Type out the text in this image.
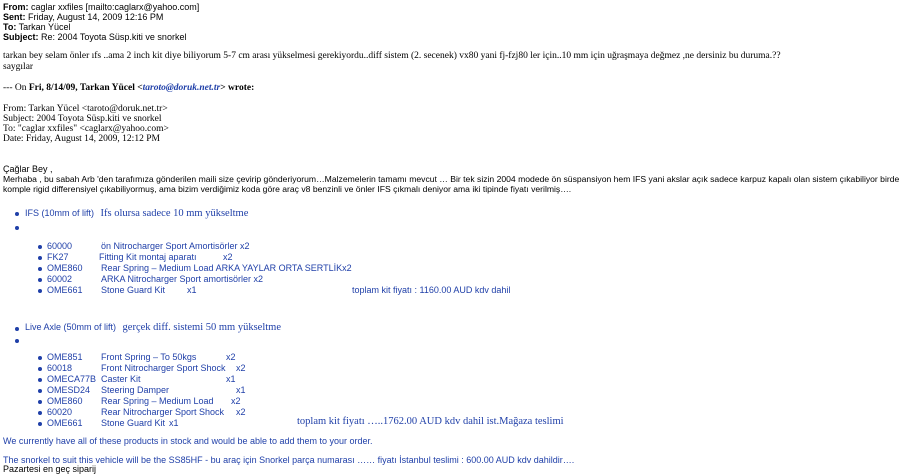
From: caglar xxfiles [mailto:caglarx@yahoo.com]
Sent: Friday, August 14, 2009 12:16 PM
To: Tarkan Yücel
Subject: Re: 2004 Toyota Süsp.kiti ve snorkel
tarkan bey selam önler ıfs ..ama 2 inch kit diye biliyorum 5-7 cm arası yükselmesi gerekiyordu..diff sistem (2. secenek) vx80 yani fj-fzj80 ler için..10 mm için uğraşmaya değmez ,ne dersiniz bu duruma.??
saygılar
--- On Fri, 8/14/09, Tarkan Yücel <taroto@doruk.net.tr> wrote:
From: Tarkan Yücel <taroto@doruk.net.tr>
Subject: 2004 Toyota Süsp.kiti ve snorkel
To: "caglar xxfiles" <caglarx@yahoo.com>
Date: Friday, August 14, 2009, 12:12 PM
Çağlar Bey ,
Merhaba , bu sabah Arb 'den tarafımıza gönderilen maili size çevirip gönderiyorum…Malzemelerin tamamı mevcut … Bir tek sizin 2004 modede ön süspansiyon hem IFS yani akslar açık sadece karpuz kapalı olan sistem çıkabiliyor birde
komple rigid differensiyel çıkabiliyormuş, ama bizim verdiğimiz koda göre araç v8 benzinli ve önler IFS çıkmalı deniyor ama iki tipinde fiyatı verilmiş….
IFS (10mm of lift) Ifs olursa sadece 10 mm yükseltme
60000	ön Nitrocharger Sport Amortisörler x2
FK27	Fitting Kit montaj aparatı	x2
OME860 Rear Spring – Medium Load ARKA YAYLAR ORTA SERTLİKx2
60002	ARKA Nitrocharger Sport amortisörler x2
OME661 Stone Guard Kit x1	toplam kit fiyatı : 1160.00 AUD kdv dahil
Live Axle (50mm of lift) gerçek diff. sistemi 50 mm yükseltme
OME851 Front Spring – To 50kgs	x2
60018	Front Nitrocharger Sport Shock x2
OMECA77B Caster Kit	x1
OMESD24 Steering Damper	x1
OME860 Rear Spring – Medium Load x2
60020	Rear Nitrocharger Sport Shock x2
OME661 Stone Guard Kit x1	toplam kit fiyatı …..1762.00 AUD kdv dahil ist.Mağaza teslimi
We currently have all of these products in stock and would be able to add them to your order.
The snorkel to suit this vehicle will be the SS85HF - bu araç için Snorkel parça numarası …… fiyatı İstanbul teslimi : 600.00 AUD kdv dahildir….
Pazartesi en geç siparij
